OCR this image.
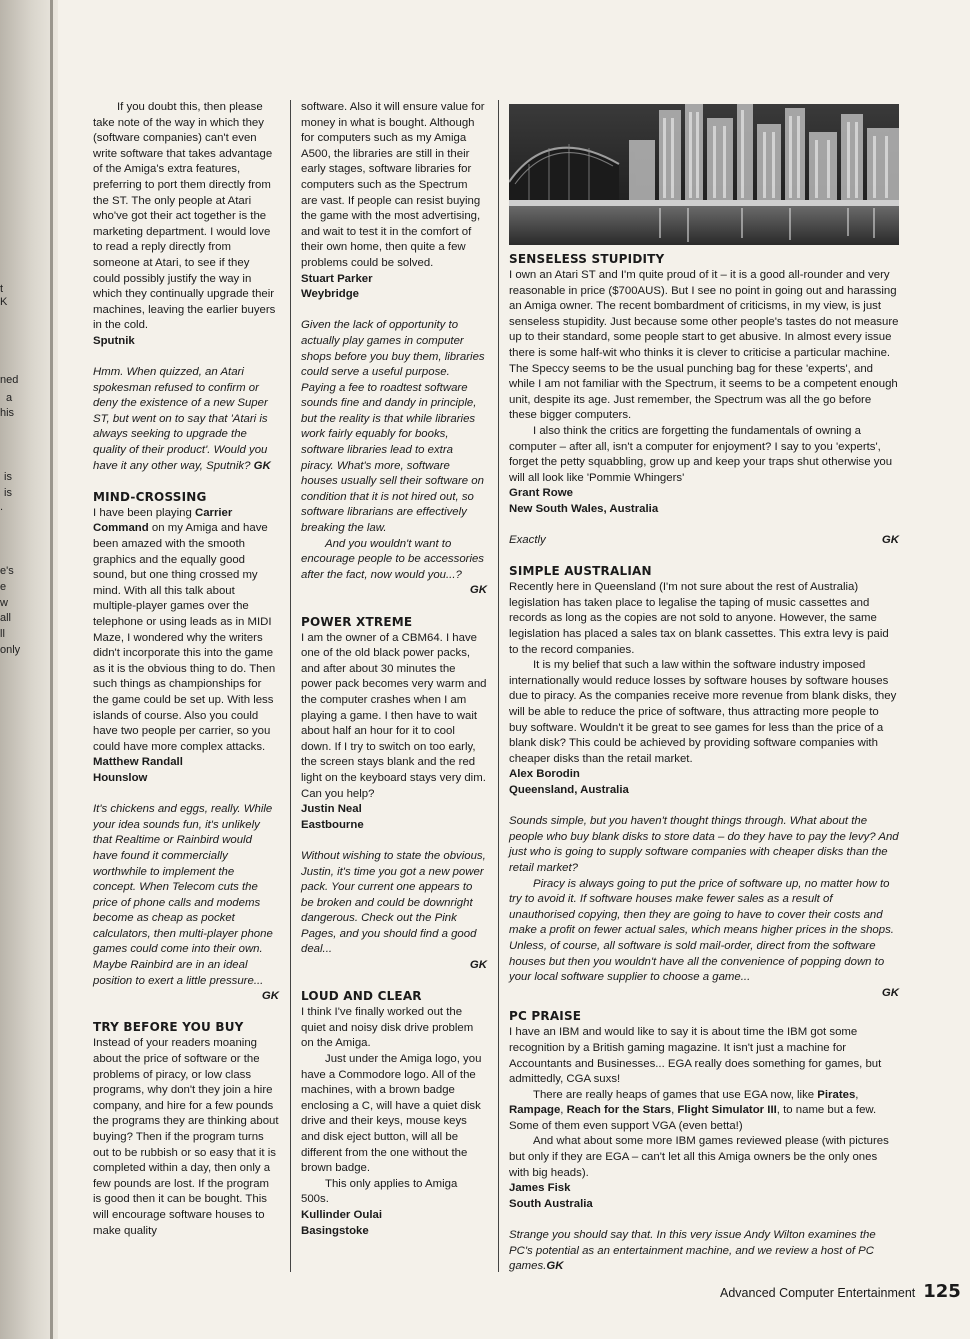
t
K
ned
a
his
is
is
.
e's
e
w
all
ll
only

If you doubt this, then please take note of the way in which they (software companies) can't even write software that takes advantage of the Amiga's extra features, preferring to port them directly from the ST. The only people at Atari who've got their act together is the marketing department. I would love to read a reply directly from someone at Atari, to see if they could possibly justify the way in which they continually upgrade their machines, leaving the earlier buyers in the cold.

Sputnik

Hmm. When quizzed, an Atari spokesman refused to confirm or deny the existence of a new Super ST, but went on to say that 'Atari is always seeking to upgrade the quality of their product'. Would you have it any other way, Sputnik? GK

MIND-CROSSING

I have been playing Carrier Command on my Amiga and have been amazed with the smooth graphics and the equally good sound, but one thing crossed my mind. With all this talk about multiple-player games over the telephone or using leads as in MIDI Maze, I wondered why the writers didn't incorporate this into the game as it is the obvious thing to do. Then such things as championships for the game could be set up. With less islands of course. Also you could have two people per carrier, so you could have more complex attacks.

Matthew Randall

Hounslow

It's chickens and eggs, really. While your idea sounds fun, it's unlikely that Realtime or Rainbird would have found it commercially worthwhile to implement the concept. When Telecom cuts the price of phone calls and modems become as cheap as pocket calculators, then multi-player phone games could come into their own. Maybe Rainbird are in an ideal position to exert a little pressure...

GK

TRY BEFORE YOU BUY

Instead of your readers moaning about the price of software or the problems of piracy, or low class programs, why don't they join a hire company, and hire for a few pounds the programs they are thinking about buying? Then if the program turns out to be rubbish or so easy that it is completed within a day, then only a few pounds are lost. If the program is good then it can be bought. This will encourage software houses to make quality

software. Also it will ensure value for money in what is bought. Although for computers such as my Amiga A500, the libraries are still in their early stages, software libraries for computers such as the Spectrum are vast. If people can resist buying the game with the most advertising, and wait to test it in the comfort of their own home, then quite a few problems could be solved.

Stuart Parker

Weybridge

Given the lack of opportunity to actually play games in computer shops before you buy them, libraries could serve a useful purpose. Paying a fee to roadtest software sounds fine and dandy in principle, but the reality is that while libraries work fairly equably for books, software libraries lead to extra piracy. What's more, software houses usually sell their software on condition that it is not hired out, so software librarians are effectively breaking the law.

And you wouldn't want to encourage people to be accessories after the fact, now would you...?

GK

POWER XTREME

I am the owner of a CBM64. I have one of the old black power packs, and after about 30 minutes the power pack becomes very warm and the computer crashes when I am playing a game. I then have to wait about half an hour for it to cool down. If I try to switch on too early, the screen stays blank and the red light on the keyboard stays very dim. Can you help?

Justin Neal

Eastbourne

Without wishing to state the obvious, Justin, it's time you got a new power pack. Your current one appears to be broken and could be downright dangerous. Check out the Pink Pages, and you should find a good deal...

GK

LOUD AND CLEAR

I think I've finally worked out the quiet and noisy disk drive problem on the Amiga.

Just under the Amiga logo, you have a Commodore logo. All of the machines, with a brown badge enclosing a C, will have a quiet disk drive and their keys, mouse keys and disk eject button, will all be different from the one without the brown badge.

This only applies to Amiga 500s.

Kullinder Oulai

Basingstoke

SENSELESS STUPIDITY

I own an Atari ST and I'm quite proud of it – it is a good all-rounder and very reasonable in price ($700AUS). But I see no point in going out and harassing an Amiga owner. The recent bombardment of criticisms, in my view, is just senseless stupidity. Just because some other people's tastes do not measure up to their standard, some people start to get abusive. In almost every issue there is some half-wit who thinks it is clever to criticise a particular machine. The Speccy seems to be the usual punching bag for these 'experts', and while I am not familiar with the Spectrum, it seems to be a competent enough unit, despite its age. Just remember, the Spectrum was all the go before these bigger computers.

I also think the critics are forgetting the fundamentals of owning a computer – after all, isn't a computer for enjoyment? I say to you 'experts', forget the petty squabbling, grow up and keep your traps shut otherwise you will all look like 'Pommie Whingers'

Grant Rowe

New South Wales, Australia

Exactly	GK

SIMPLE AUSTRALIAN

Recently here in Queensland (I'm not sure about the rest of Australia) legislation has taken place to legalise the taping of music cassettes and records as long as the copies are not sold to anyone. However, the same legislation has placed a sales tax on blank cassettes. This extra levy is paid to the record companies.

It is my belief that such a law within the software industry imposed internationally would reduce losses by software houses by software houses due to piracy. As the companies receive more revenue from blank disks, they will be able to reduce the price of software, thus attracting more people to buy software. Wouldn't it be great to see games for less than the price of a blank disk? This could be achieved by providing software companies with cheaper disks than the retail market.

Alex Borodin

Queensland, Australia

Sounds simple, but you haven't thought things through. What about the people who buy blank disks to store data – do they have to pay the levy? And just who is going to supply software companies with cheaper disks than the retail market?

Piracy is always going to put the price of software up, no matter how to try to avoid it. If software houses make fewer sales as a result of unauthorised copying, then they are going to have to cover their costs and make a profit on fewer actual sales, which means higher prices in the shops. Unless, of course, all software is sold mail-order, direct from the software houses but then you wouldn't have all the convenience of popping down to your local software supplier to choose a game...

GK

PC PRAISE

I have an IBM and would like to say it is about time the IBM got some recognition by a British gaming magazine. It isn't just a machine for Accountants and Businesses... EGA really does something for games, but admittedly, CGA suxs!

There are really heaps of games that use EGA now, like Pirates, Rampage, Reach for the Stars, Flight Simulator III, to name but a few. Some of them even support VGA (even betta!)

And what about some more IBM games reviewed please (with pictures but only if they are EGA – can't let all this Amiga owners be the only ones with big heads).

James Fisk

South Australia

Strange you should say that. In this very issue Andy Wilton examines the PC's potential as an entertainment machine, and we review a host of PC games.GK

Advanced Computer Entertainment 125
